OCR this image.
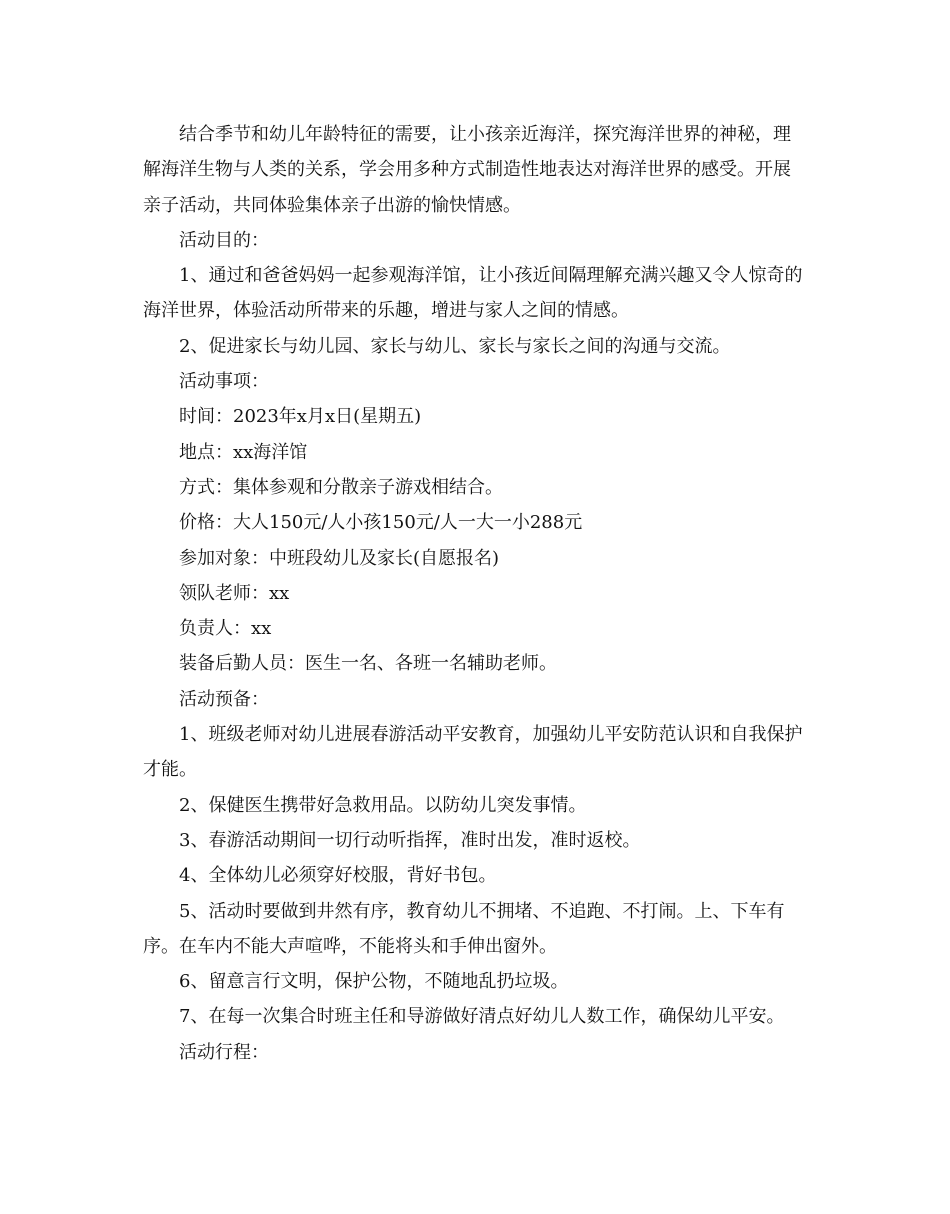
结合季节和幼儿年龄特征的需要，让小孩亲近海洋，探究海洋世界的神秘，理解海洋生物与人类的关系，学会用多种方式制造性地表达对海洋世界的感受。开展亲子活动，共同体验集体亲子出游的愉快情感。

活动目的：

1、通过和爸爸妈妈一起参观海洋馆，让小孩近间隔理解充满兴趣又令人惊奇的海洋世界，体验活动所带来的乐趣，增进与家人之间的情感。

2、促进家长与幼儿园、家长与幼儿、家长与家长之间的沟通与交流。

活动事项：

时间：2023年x月x日(星期五)

地点：xx海洋馆

方式：集体参观和分散亲子游戏相结合。

价格：大人150元/人小孩150元/人一大一小288元

参加对象：中班段幼儿及家长(自愿报名)

领队老师：xx

负责人：xx

装备后勤人员：医生一名、各班一名辅助老师。

活动预备：

1、班级老师对幼儿进展春游活动平安教育，加强幼儿平安防范认识和自我保护才能。

2、保健医生携带好急救用品。以防幼儿突发事情。

3、春游活动期间一切行动听指挥，准时出发，准时返校。

4、全体幼儿必须穿好校服，背好书包。

5、活动时要做到井然有序，教育幼儿不拥堵、不追跑、不打闹。上、下车有序。在车内不能大声喧哗，不能将头和手伸出窗外。

6、留意言行文明，保护公物，不随地乱扔垃圾。

7、在每一次集合时班主任和导游做好清点好幼儿人数工作，确保幼儿平安。

活动行程：
